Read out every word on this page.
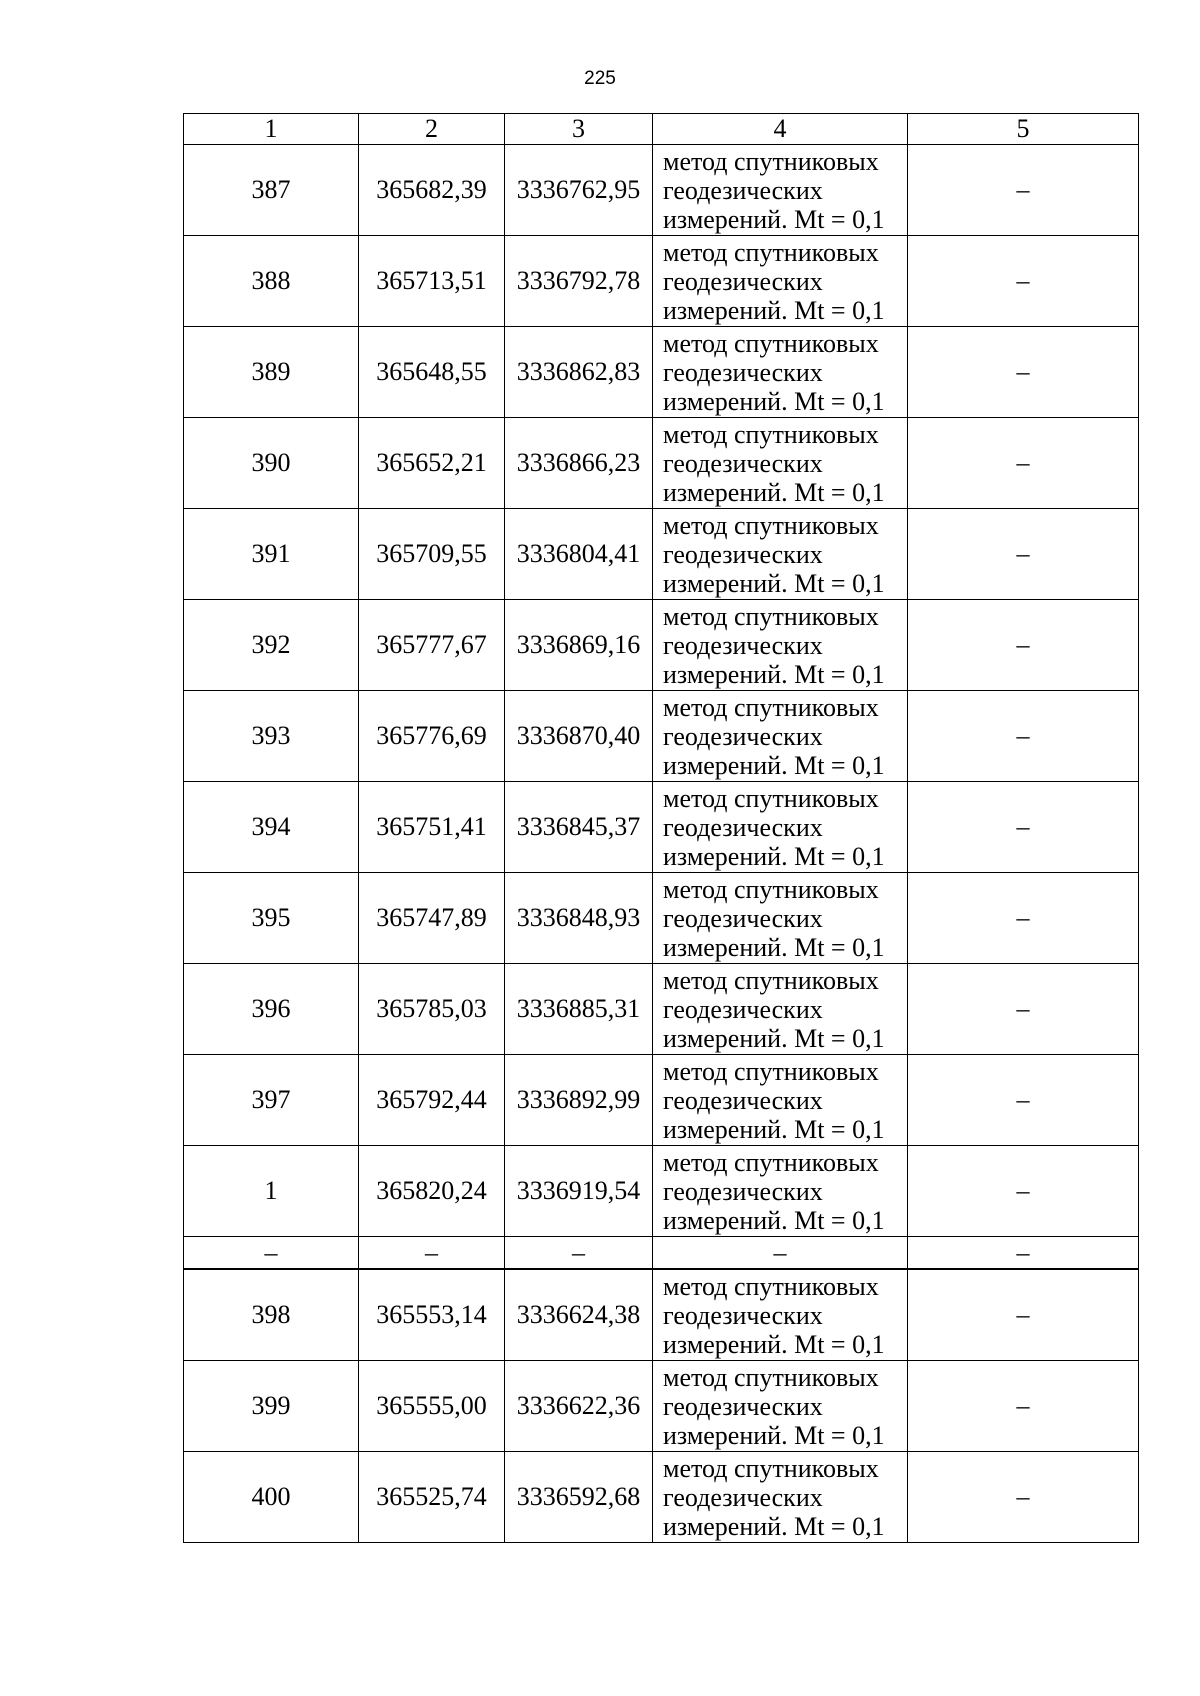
225
1	2	3	4	5
387	365682,39	3336762,95	метод спутниковых
геодезических
измерений. Mt = 0,1	–
388	365713,51	3336792,78	метод спутниковых
геодезических
измерений. Mt = 0,1	–
389	365648,55	3336862,83	метод спутниковых
геодезических
измерений. Mt = 0,1	–
390	365652,21	3336866,23	метод спутниковых
геодезических
измерений. Mt = 0,1	–
391	365709,55	3336804,41	метод спутниковых
геодезических
измерений. Mt = 0,1	–
392	365777,67	3336869,16	метод спутниковых
геодезических
измерений. Mt = 0,1	–
393	365776,69	3336870,40	метод спутниковых
геодезических
измерений. Mt = 0,1	–
394	365751,41	3336845,37	метод спутниковых
геодезических
измерений. Mt = 0,1	–
395	365747,89	3336848,93	метод спутниковых
геодезических
измерений. Mt = 0,1	–
396	365785,03	3336885,31	метод спутниковых
геодезических
измерений. Mt = 0,1	–
397	365792,44	3336892,99	метод спутниковых
геодезических
измерений. Mt = 0,1	–
1	365820,24	3336919,54	метод спутниковых
геодезических
измерений. Mt = 0,1	–
–	–	–	–	–
398	365553,14	3336624,38	метод спутниковых
геодезических
измерений. Mt = 0,1	–
399	365555,00	3336622,36	метод спутниковых
геодезических
измерений. Mt = 0,1	–
400	365525,74	3336592,68	метод спутниковых
геодезических
измерений. Mt = 0,1	–
